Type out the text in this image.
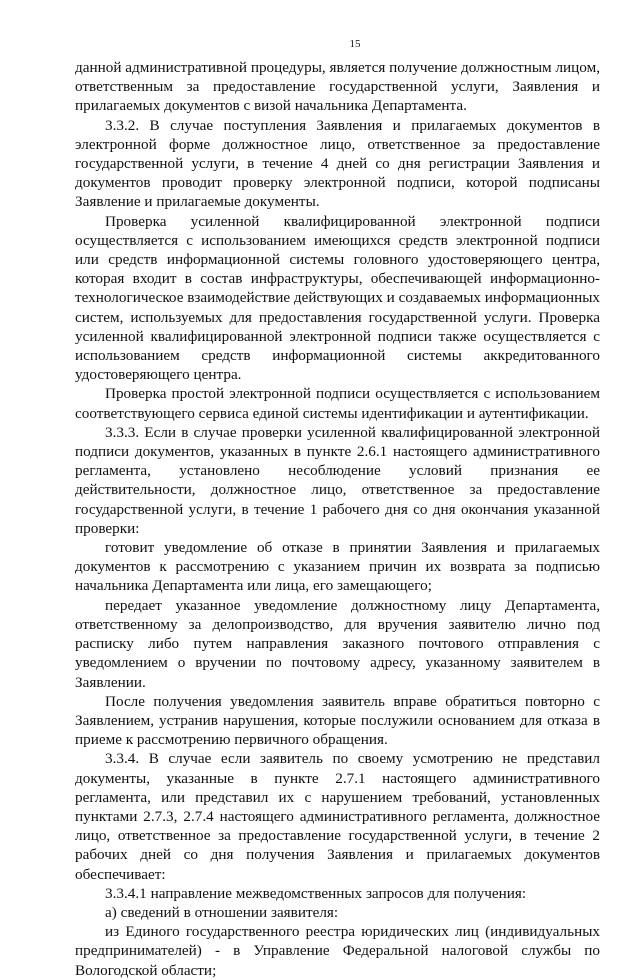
15

данной административной процедуры, является получение должностным лицом, ответственным за предоставление государственной услуги, Заявления и прилагаемых документов с визой начальника Департамента.

3.3.2. В случае поступления Заявления и прилагаемых документов в электронной форме должностное лицо, ответственное за предоставление государственной услуги, в течение 4 дней со дня регистрации Заявления и документов проводит проверку электронной подписи, которой подписаны Заявление и прилагаемые документы.

Проверка усиленной квалифицированной электронной подписи осуществляется с использованием имеющихся средств электронной подписи или средств информационной системы головного удостоверяющего центра, которая входит в состав инфраструктуры, обеспечивающей информационно-технологическое взаимодействие действующих и создаваемых информационных систем, используемых для предоставления государственной услуги. Проверка усиленной квалифицированной электронной подписи также осуществляется с использованием средств информационной системы аккредитованного удостоверяющего центра.

Проверка простой электронной подписи осуществляется с использованием соответствующего сервиса единой системы идентификации и аутентификации.

3.3.3. Если в случае проверки усиленной квалифицированной электронной подписи документов, указанных в пункте 2.6.1 настоящего административного регламента, установлено несоблюдение условий признания ее действительности, должностное лицо, ответственное за предоставление государственной услуги, в течение 1 рабочего дня со дня окончания указанной проверки:

готовит уведомление об отказе в принятии Заявления и прилагаемых документов к рассмотрению с указанием причин их возврата за подписью начальника Департамента или лица, его замещающего;

передает указанное уведомление должностному лицу Департамента, ответственному за делопроизводство, для вручения заявителю лично под расписку либо путем направления заказного почтового отправления с уведомлением о вручении по почтовому адресу, указанному заявителем в Заявлении.

После получения уведомления заявитель вправе обратиться повторно с Заявлением, устранив нарушения, которые послужили основанием для отказа в приеме к рассмотрению первичного обращения.

3.3.4. В случае если заявитель по своему усмотрению не представил документы, указанные в пункте 2.7.1 настоящего административного регламента, или представил их с нарушением требований, установленных пунктами 2.7.3, 2.7.4 настоящего административного регламента, должностное лицо, ответственное за предоставление государственной услуги, в течение 2 рабочих дней со дня получения Заявления и прилагаемых документов обеспечивает:

3.3.4.1 направление межведомственных запросов для получения:

а) сведений в отношении заявителя:

из Единого государственного реестра юридических лиц (индивидуальных предпринимателей) - в Управление Федеральной налоговой службы по Вологодской области;
